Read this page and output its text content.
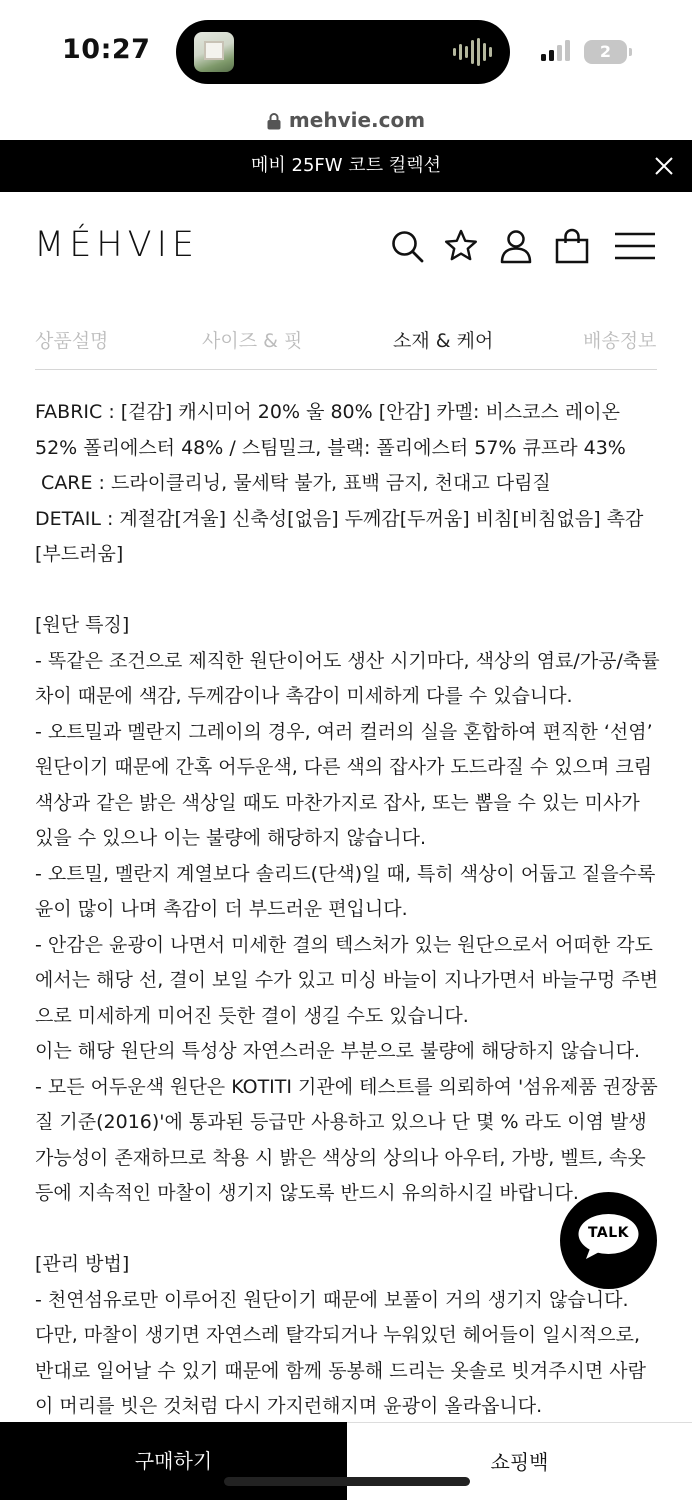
10:27	2
mehvie.com
메비 25FW 코트 컬렉션
MÉHVIE
상품설명	사이즈 & 핏	소재 & 케어	배송정보
FABRIC : [겉감] 캐시미어 20% 울 80% [안감] 카멜: 비스코스 레이온 52% 폴리에스터 48% / 스팀밀크, 블랙: 폴리에스터 57% 큐프라 43%
CARE : 드라이클리닝, 물세탁 불가, 표백 금지, 천대고 다림질
DETAIL : 계절감[겨울] 신축성[없음] 두께감[두꺼움] 비침[비침없음] 촉감[부드러움]
[원단 특징]
- 똑같은 조건으로 제직한 원단이어도 생산 시기마다, 색상의 염료/가공/축률 차이 때문에 색감, 두께감이나 촉감이 미세하게 다를 수 있습니다.
- 오트밀과 멜란지 그레이의 경우, 여러 컬러의 실을 혼합하여 편직한 ‘선염’ 원단이기 때문에 간혹 어두운색, 다른 색의 잡사가 도드라질 수 있으며 크림 색상과 같은 밝은 색상일 때도 마찬가지로 잡사, 또는 뽑을 수 있는 미사가 있을 수 있으나 이는 불량에 해당하지 않습니다.
- 오트밀, 멜란지 계열보다 솔리드(단색)일 때, 특히 색상이 어둡고 짙을수록 윤이 많이 나며 촉감이 더 부드러운 편입니다.
- 안감은 윤광이 나면서 미세한 결의 텍스처가 있는 원단으로서 어떠한 각도에서는 해당 선, 결이 보일 수가 있고 미싱 바늘이 지나가면서 바늘구멍 주변으로 미세하게 미어진 듯한 결이 생길 수도 있습니다.
이는 해당 원단의 특성상 자연스러운 부분으로 불량에 해당하지 않습니다.
- 모든 어두운색 원단은 KOTITI 기관에 테스트를 의뢰하여 '섬유제품 권장품질 기준(2016)'에 통과된 등급만 사용하고 있으나 단 몇 % 라도 이염 발생 가능성이 존재하므로 착용 시 밝은 색상의 상의나 아우터, 가방, 벨트, 속옷 등에 지속적인 마찰이 생기지 않도록 반드시 유의하시길 바랍니다.
[관리 방법]
- 천연섬유로만 이루어진 원단이기 때문에 보풀이 거의 생기지 않습니다.
다만, 마찰이 생기면 자연스레 탈각되거나 누워있던 헤어들이 일시적으로, 반대로 일어날 수 있기 때문에 함께 동봉해 드리는 옷솔로 빗겨주시면 사람이 머리를 빗은 것처럼 다시 가지런해지며 윤광이 올라옵니다.
TALK
구매하기	쇼핑백
